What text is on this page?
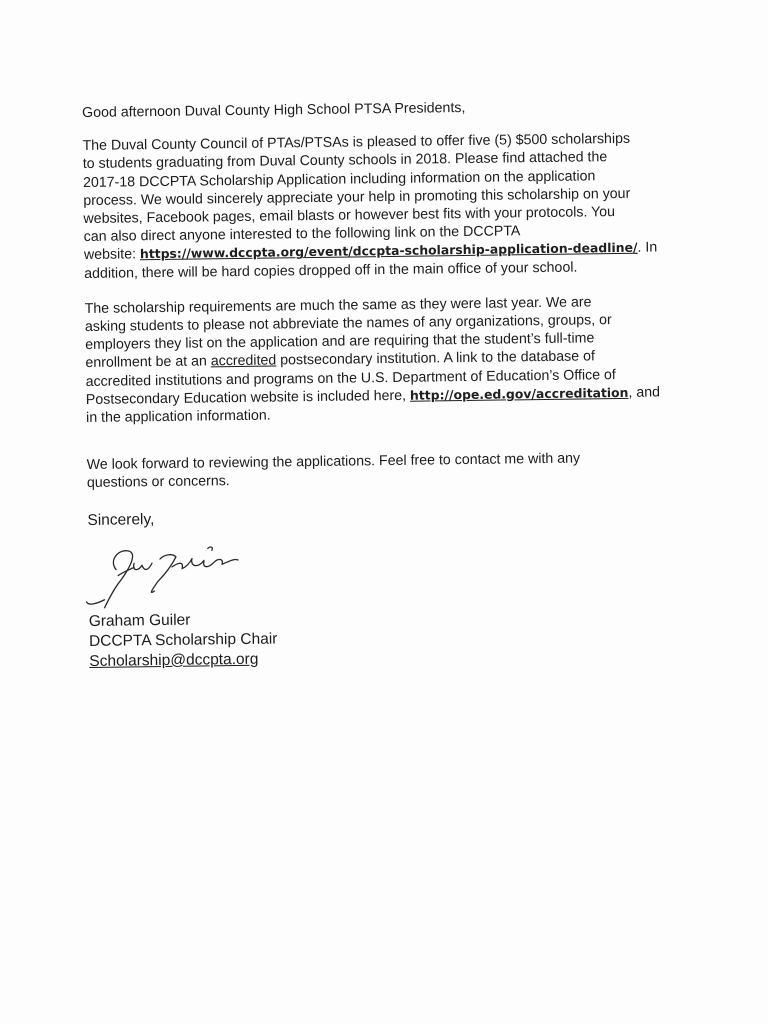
Good afternoon Duval County High School PTSA Presidents,

The Duval County Council of PTAs/PTSAs is pleased to offer five (5) $500 scholarships

to students graduating from Duval County schools in 2018. Please find attached the

2017-18 DCCPTA Scholarship Application including information on the application

process. We would sincerely appreciate your help in promoting this scholarship on your

websites, Facebook pages, email blasts or however best fits with your protocols. You

can also direct anyone interested to the following link on the DCCPTA

website: https://www.dccpta.org/event/dccpta-scholarship-application-deadline/. In

addition, there will be hard copies dropped off in the main office of your school.

The scholarship requirements are much the same as they were last year. We are

asking students to please not abbreviate the names of any organizations, groups, or

employers they list on the application and are requiring that the student’s full-time

enrollment be at an accredited postsecondary institution. A link to the database of

accredited institutions and programs on the U.S. Department of Education’s Office of

Postsecondary Education website is included here, http://ope.ed.gov/accreditation, and

in the application information.

We look forward to reviewing the applications. Feel free to contact me with any

questions or concerns.

Sincerely,

Graham Guiler

DCCPTA Scholarship Chair

Scholarship@dccpta.org
